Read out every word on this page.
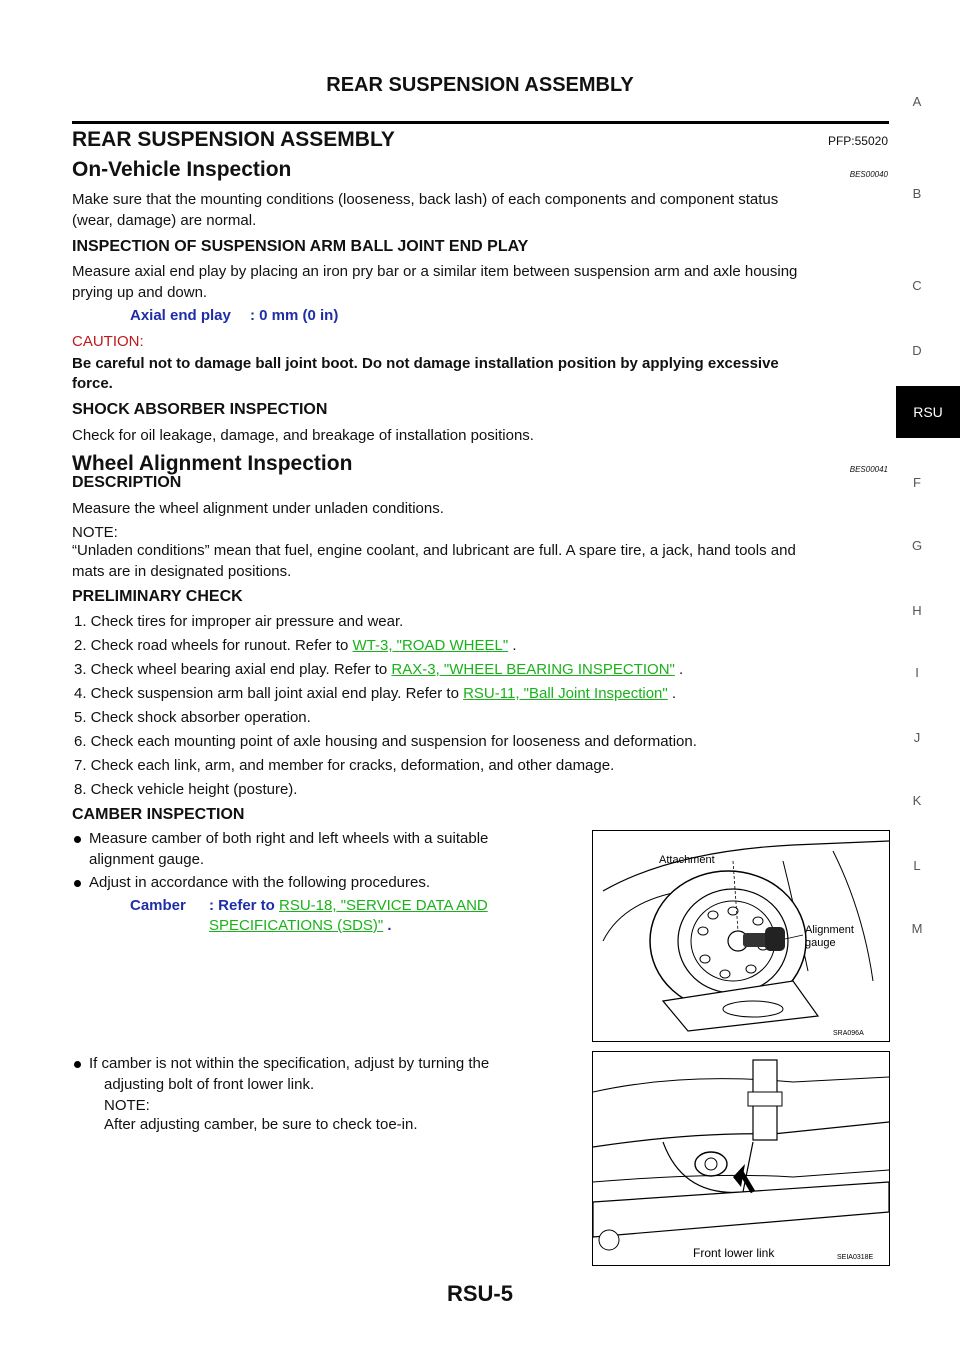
REAR SUSPENSION ASSEMBLY
REAR SUSPENSION ASSEMBLY	PFP:55020
On-Vehicle Inspection	BES00040
Make sure that the mounting conditions (looseness, back lash) of each components and component status
(wear, damage) are normal.
INSPECTION OF SUSPENSION ARM BALL JOINT END PLAY
Measure axial end play by placing an iron pry bar or a similar item between suspension arm and axle housing
prying up and down.
Axial end play : 0 mm (0 in)
CAUTION:
Be careful not to damage ball joint boot. Do not damage installation position by applying excessive
force.
SHOCK ABSORBER INSPECTION
Check for oil leakage, damage, and breakage of installation positions.
Wheel Alignment Inspection	BES00041
DESCRIPTION
Measure the wheel alignment under unladen conditions.
NOTE:
“Unladen conditions” mean that fuel, engine coolant, and lubricant are full. A spare tire, a jack, hand tools and
mats are in designated positions.
PRELIMINARY CHECK
1. Check tires for improper air pressure and wear.
2. Check road wheels for runout. Refer to WT-3, "ROAD WHEEL" .
3. Check wheel bearing axial end play. Refer to RAX-3, "WHEEL BEARING INSPECTION" .
4. Check suspension arm ball joint axial end play. Refer to RSU-11, "Ball Joint Inspection" .
5. Check shock absorber operation.
6. Check each mounting point of axle housing and suspension for looseness and deformation.
7. Check each link, arm, and member for cracks, deformation, and other damage.
8. Check vehicle height (posture).
CAMBER INSPECTION
Measure camber of both right and left wheels with a suitable
alignment gauge.
Adjust in accordance with the following procedures.
Camber : Refer to RSU-18, "SERVICE DATA AND
SPECIFICATIONS (SDS)" .
If camber is not within the specification, adjust by turning the
adjusting bolt of front lower link.
NOTE:
After adjusting camber, be sure to check toe-in.
Attachment
Alignment
gauge
SRA096A
Front lower link	SEIA0318E
A
B
C
D
RSU
F
G
H
I
J
K
L
M
RSU-5
